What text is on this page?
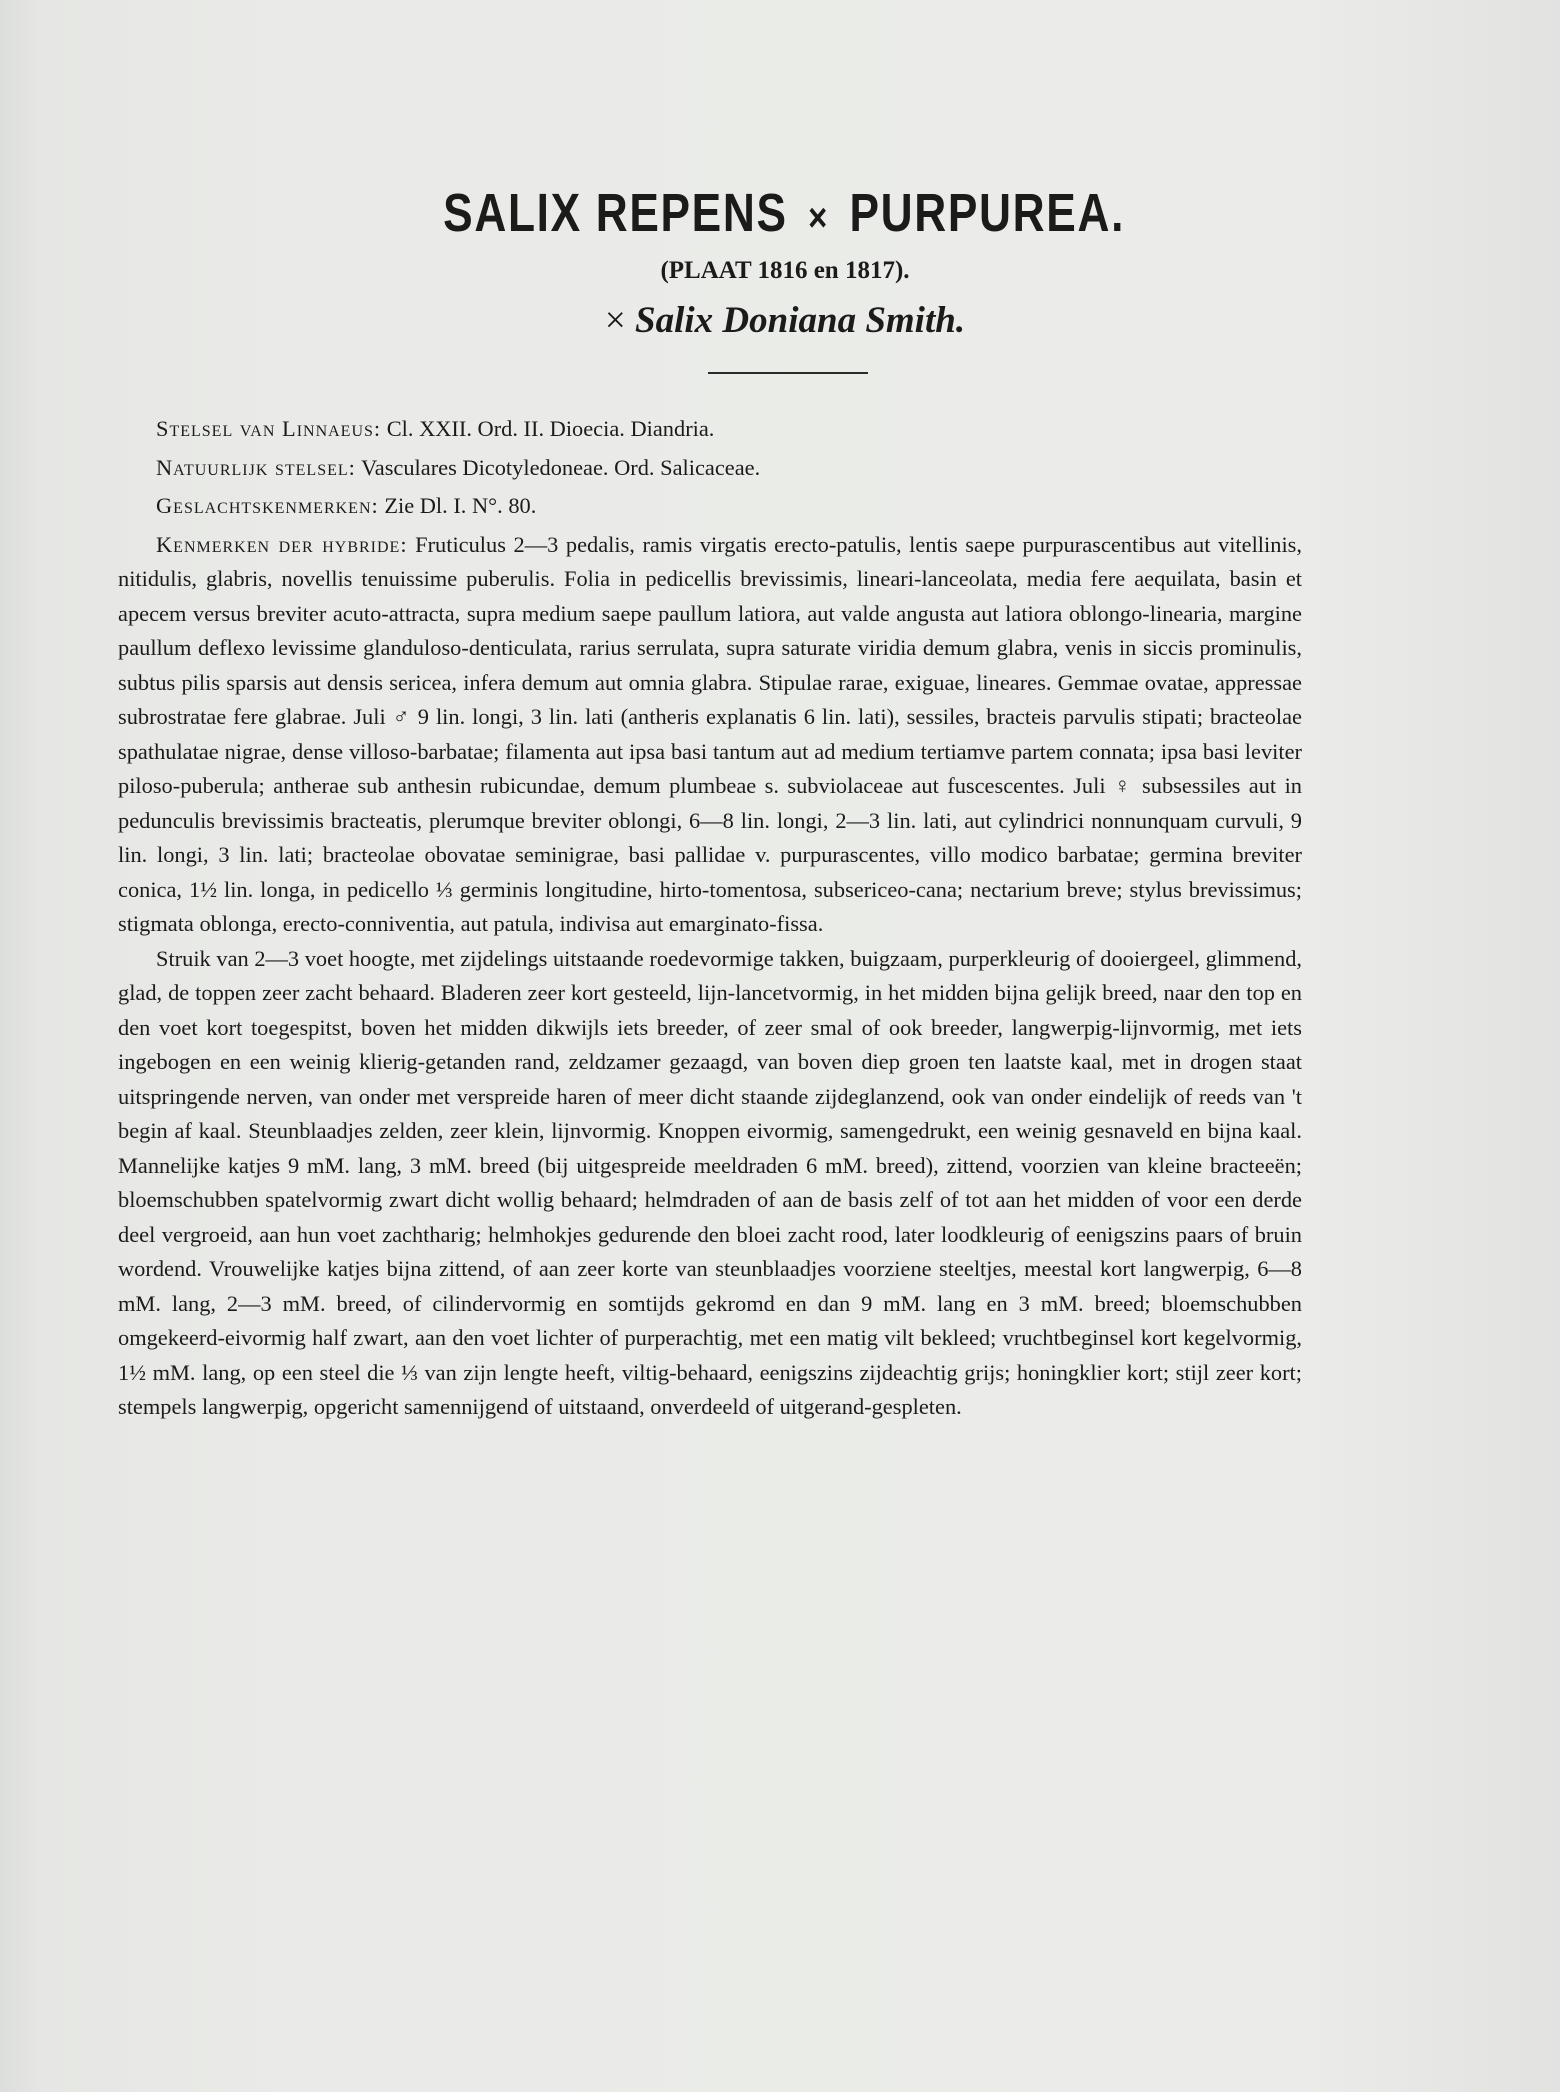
SALIX REPENS × PURPUREA.
(PLAAT 1816 en 1817).
× Salix Doniana Smith.

Stelsel van Linnaeus: Cl. XXII. Ord. II. Dioecia. Diandria.

Natuurlijk stelsel: Vasculares Dicotyledoneae. Ord. Salicaceae.

Geslachtskenmerken: Zie Dl. I. N°. 80.

Kenmerken der hybride: Fruticulus 2—3 pedalis, ramis virgatis erecto-patulis, lentis saepe purpurascentibus aut vitellinis, nitidulis, glabris, novellis tenuissime puberulis. Folia in pedicellis brevissimis, lineari-lanceolata, media fere aequilata, basin et apecem versus breviter acuto-attracta, supra medium saepe paullum latiora, aut valde angusta aut latiora oblongo-linearia, margine paullum deflexo levissime glanduloso-denticulata, rarius serrulata, supra saturate viridia demum glabra, venis in siccis prominulis, subtus pilis sparsis aut densis sericea, infera demum aut omnia glabra. Stipulae rarae, exiguae, lineares. Gemmae ovatae, appressae subrostratae fere glabrae. Juli ♂ 9 lin. longi, 3 lin. lati (antheris explanatis 6 lin. lati), sessiles, bracteis parvulis stipati; bracteolae spathulatae nigrae, dense villoso-barbatae; filamenta aut ipsa basi tantum aut ad medium tertiamve partem connata; ipsa basi leviter piloso-puberula; antherae sub anthesin rubicundae, demum plumbeae s. subviolaceae aut fuscescentes. Juli ♀ subsessiles aut in pedunculis brevissimis bracteatis, plerumque breviter oblongi, 6—8 lin. longi, 2—3 lin. lati, aut cylindrici nonnunquam curvuli, 9 lin. longi, 3 lin. lati; bracteolae obovatae seminigrae, basi pallidae v. purpurascentes, villo modico barbatae; germina breviter conica, 1½ lin. longa, in pedicello ⅓ germinis longitudine, hirto-tomentosa, subsericeo-cana; nectarium breve; stylus brevissimus; stigmata oblonga, erecto-conniventia, aut patula, indivisa aut emarginato-fissa.

Struik van 2—3 voet hoogte, met zijdelings uitstaande roedevormige takken, buigzaam, purperkleurig of dooiergeel, glimmend, glad, de toppen zeer zacht behaard. Bladeren zeer kort gesteeld, lijn-lancetvormig, in het midden bijna gelijk breed, naar den top en den voet kort toegespitst, boven het midden dikwijls iets breeder, of zeer smal of ook breeder, langwerpig-lijnvormig, met iets ingebogen en een weinig klierig-getanden rand, zeldzamer gezaagd, van boven diep groen ten laatste kaal, met in drogen staat uitspringende nerven, van onder met verspreide haren of meer dicht staande zijdeglanzend, ook van onder eindelijk of reeds van 't begin af kaal. Steunblaadjes zelden, zeer klein, lijnvormig. Knoppen eivormig, samengedrukt, een weinig gesnaveld en bijna kaal. Mannelijke katjes 9 mM. lang, 3 mM. breed (bij uitgespreide meeldraden 6 mM. breed), zittend, voorzien van kleine bracteeën; bloemschubben spatelvormig zwart dicht wollig behaard; helmdraden of aan de basis zelf of tot aan het midden of voor een derde deel vergroeid, aan hun voet zachtharig; helmhokjes gedurende den bloei zacht rood, later loodkleurig of eenigszins paars of bruin wordend. Vrouwelijke katjes bijna zittend, of aan zeer korte van steunblaadjes voorziene steeltjes, meestal kort langwerpig, 6—8 mM. lang, 2—3 mM. breed, of cilindervormig en somtijds gekromd en dan 9 mM. lang en 3 mM. breed; bloemschubben omgekeerd-eivormig half zwart, aan den voet lichter of purperachtig, met een matig vilt bekleed; vruchtbeginsel kort kegelvormig, 1½ mM. lang, op een steel die ⅓ van zijn lengte heeft, viltig-behaard, eenigszins zijdeachtig grijs; honingklier kort; stijl zeer kort; stempels langwerpig, opgericht samennijgend of uitstaand, onverdeeld of uitgerand-gespleten.
